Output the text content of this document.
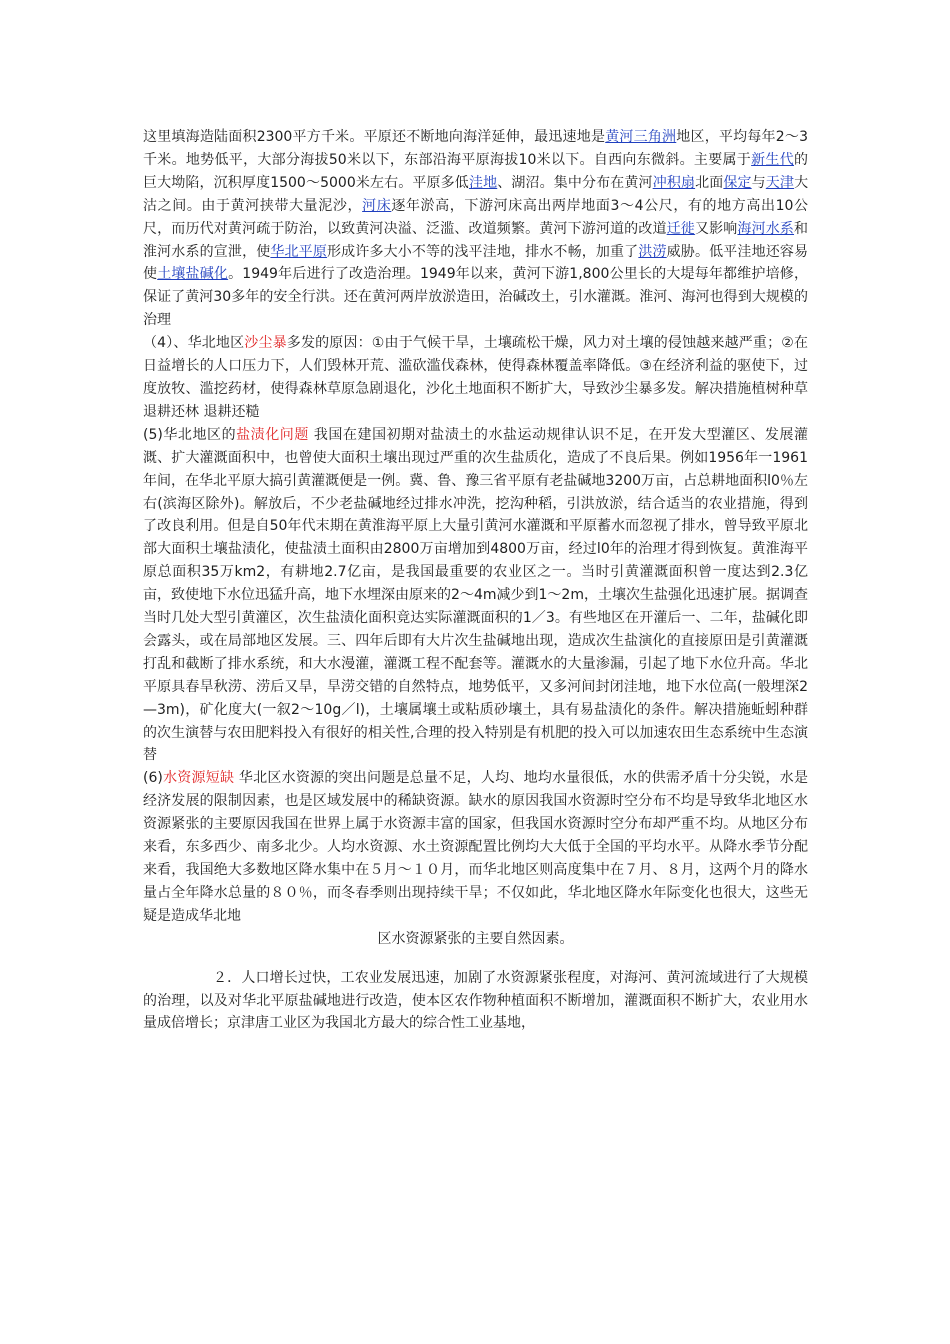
这里填海造陆面积2300平方千米。平原还不断地向海洋延伸，最迅速地是黄河三角洲地区，平均每年2～3千米。地势低平，大部分海拔50米以下，东部沿海平原海拔10米以下。自西向东微斜。主要属于新生代的巨大坳陷，沉积厚度1500～5000米左右。平原多低洼地、湖沼。集中分布在黄河冲积扇北面保定与天津大沽之间。由于黄河挟带大量泥沙，河床逐年淤高，下游河床高出两岸地面3～4公尺，有的地方高出10公尺，而历代对黄河疏于防治，以致黄河决溢、泛滥、改道频繁。黄河下游河道的改道迁徙又影响海河水系和淮河水系的宣泄，使华北平原形成许多大小不等的浅平洼地，排水不畅，加重了洪涝威胁。低平洼地还容易使土壤盐碱化。1949年后进行了改造治理。1949年以来，黄河下游1,800公里长的大堤每年都维护培修，保证了黄河30多年的安全行洪。还在黄河两岸放淤造田，治碱改土，引水灌溉。淮河、海河也得到大规模的治理

（4）、华北地区沙尘暴多发的原因：①由于气候干旱，土壤疏松干燥，风力对土壤的侵蚀越来越严重；②在日益增长的人口压力下，人们毁林开荒、滥砍滥伐森林，使得森林覆盖率降低。③在经济利益的驱使下，过度放牧、滥挖药材，使得森林草原急剧退化，沙化土地面积不断扩大，导致沙尘暴多发。解决措施植树种草 退耕还林 退耕还糙

(5)华北地区的盐渍化问题 我国在建国初期对盐渍土的水盐运动规律认识不足，在开发大型灌区、发展灌溉、扩大灌溉面积中，也曾使大面积土壤出现过严重的次生盐质化，造成了不良后果。例如1956年一1961年间，在华北平原大搞引黄灌溉便是一例。冀、鲁、豫三省平原有老盐碱地3200万亩，占总耕地面积l0％左右(滨海区除外)。解放后，不少老盐碱地经过排水冲洗，挖沟种稻，引洪放淤，结合适当的农业措施，得到了改良利用。但是自50年代末期在黄淮海平原上大量引黄河水灌溉和平原蓄水而忽视了排水，曾导致平原北部大面积土壤盐渍化，使盐渍土面积由2800万亩增加到4800万亩，经过l0年的治理才得到恢复。黄淮海平原总面积35万km2，有耕地2.7亿亩，是我国最重要的农业区之一。当时引黄灌溉面积曾一度达到2.3亿亩，致使地下水位迅猛升高，地下水埋深由原来的2～4m减少到1～2m，土壤次生盐强化迅速扩展。据调查当时几处大型引黄灌区，次生盐渍化面积竟达实际灌溉面积的1／3。有些地区在开灌后一、二年，盐碱化即会露头，或在局部地区发展。三、四年后即有大片次生盐碱地出现，造成次生盐演化的直接原田是引黄灌溉打乱和截断了排水系统，和大水漫灌，灌溉工程不配套等。灌溉水的大量渗漏，引起了地下水位升高。华北平原具春旱秋涝、涝后又旱，旱涝交错的自然特点，地势低平，又多河间封闭洼地，地下水位高(一般埋深2—3m)，矿化度大(一叙2～10g／l)，土壤属壤土或粘质砂壤土，具有易盐渍化的条件。解决措施蚯蚓种群的次生演替与农田肥料投入有很好的相关性,合理的投入特别是有机肥的投入可以加速农田生态系统中生态演替

(6)水资源短缺 华北区水资源的突出问题是总量不足，人均、地均水量很低，水的供需矛盾十分尖锐，水是经济发展的限制因素，也是区域发展中的稀缺资源。缺水的原因我国水资源时空分布不均是导致华北地区水资源紧张的主要原因我国在世界上属于水资源丰富的国家，但我国水资源时空分布却严重不均。从地区分布来看，东多西少、南多北少。人均水资源、水土资源配置比例均大大低于全国的平均水平。从降水季节分配来看，我国绝大多数地区降水集中在５月～１０月，而华北地区则高度集中在７月、８月，这两个月的降水量占全年降水总量的８０％，而冬春季则出现持续干旱；不仅如此，华北地区降水年际变化也很大，这些无疑是造成华北地

区水资源紧张的主要自然因素。

２．人口增长过快，工农业发展迅速，加剧了水资源紧张程度，对海河、黄河流域进行了大规模的治理，以及对华北平原盐碱地进行改造，使本区农作物种植面积不断增加，灌溉面积不断扩大，农业用水量成倍增长；京津唐工业区为我国北方最大的综合性工业基地，
